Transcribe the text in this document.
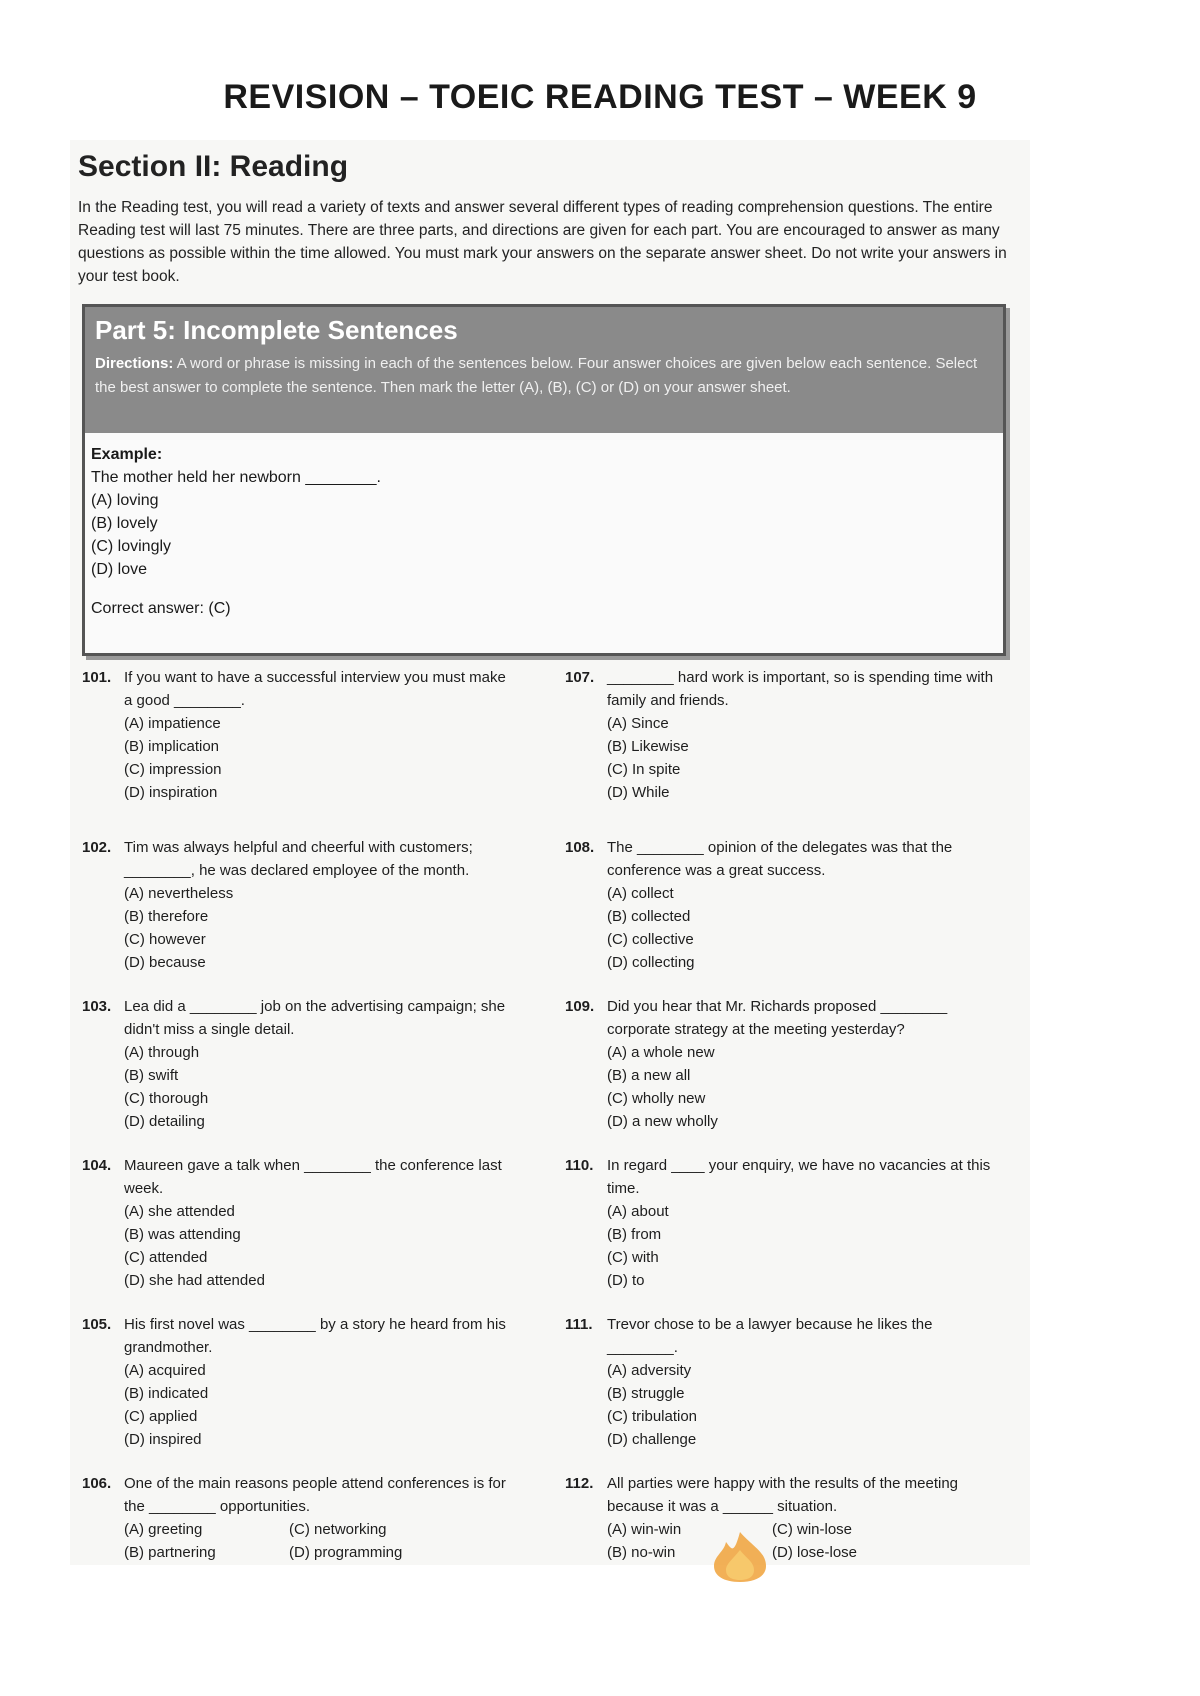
REVISION – TOEIC READING TEST – WEEK 9
Section II: Reading
In the Reading test, you will read a variety of texts and answer several different types of reading comprehension questions. The entire Reading test will last 75 minutes. There are three parts, and directions are given for each part. You are encouraged to answer as many questions as possible within the time allowed. You must mark your answers on the separate answer sheet. Do not write your answers in your test book.
Part 5: Incomplete Sentences
Directions: A word or phrase is missing in each of the sentences below. Four answer choices are given below each sentence. Select the best answer to complete the sentence. Then mark the letter (A), (B), (C) or (D) on your answer sheet.
Example:
The mother held her newborn ________.
(A) loving
(B) lovely
(C) lovingly
(D) love
Correct answer: (C)
101. If you want to have a successful interview you must make a good ________.
(A) impatience
(B) implication
(C) impression
(D) inspiration
102. Tim was always helpful and cheerful with customers; ________, he was declared employee of the month.
(A) nevertheless
(B) therefore
(C) however
(D) because
103. Lea did a ________ job on the advertising campaign; she didn't miss a single detail.
(A) through
(B) swift
(C) thorough
(D) detailing
104. Maureen gave a talk when ________ the conference last week.
(A) she attended
(B) was attending
(C) attended
(D) she had attended
105. His first novel was ________ by a story he heard from his grandmother.
(A) acquired
(B) indicated
(C) applied
(D) inspired
106. One of the main reasons people attend conferences is for the ________ opportunities.
(A) greeting	(C) networking
(B) partnering	(D) programming
107. ________ hard work is important, so is spending time with family and friends.
(A) Since
(B) Likewise
(C) In spite
(D) While
108. The ________ opinion of the delegates was that the conference was a great success.
(A) collect
(B) collected
(C) collective
(D) collecting
109. Did you hear that Mr. Richards proposed ________ corporate strategy at the meeting yesterday?
(A) a whole new
(B) a new all
(C) wholly new
(D) a new wholly
110. In regard ____ your enquiry, we have no vacancies at this time.
(A) about
(B) from
(C) with
(D) to
111. Trevor chose to be a lawyer because he likes the ________.
(A) adversity
(B) struggle
(C) tribulation
(D) challenge
112. All parties were happy with the results of the meeting because it was a ______ situation.
(A) win-win	(C) win-lose
(B) no-win	(D) lose-lose
